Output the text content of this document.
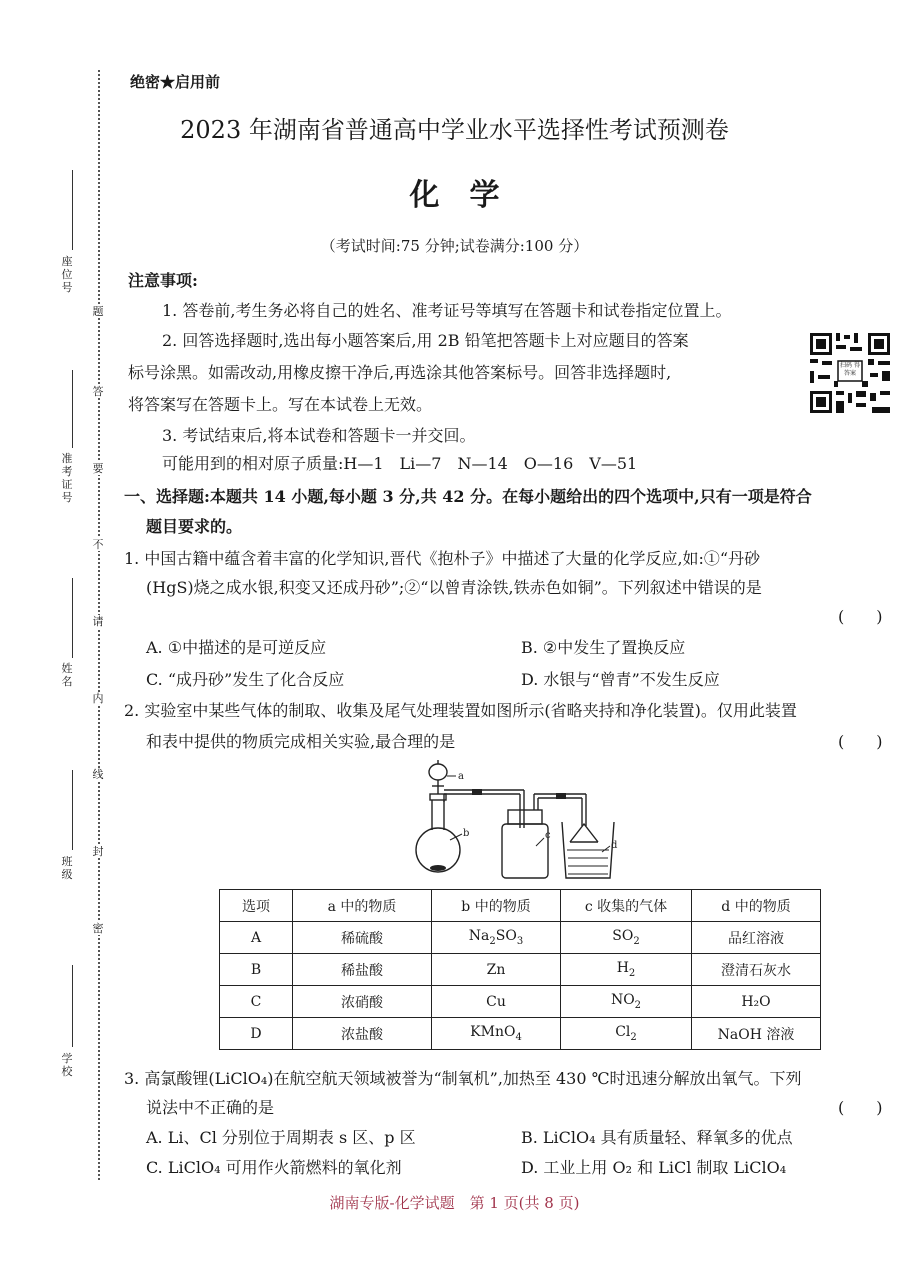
座位号
准考证号
姓名
班级
学校
题
答
要
不
请
内
线
封
密
绝密★启用前
2023 年湖南省普通高中学业水平选择性考试预测卷
化　学
（考试时间:75 分钟;试卷满分:100 分）
注意事项:
1. 答卷前,考生务必将自己的姓名、准考证号等填写在答题卡和试卷指定位置上。
2. 回答选择题时,选出每小题答案后,用 2B 铅笔把答题卡上对应题目的答案
标号涂黑。如需改动,用橡皮擦干净后,再选涂其他答案标号。回答非选择题时,
将答案写在答题卡上。写在本试卷上无效。
3. 考试结束后,将本试卷和答题卡一并交回。
可能用到的相对原子质量:H—1　Li—7　N—14　O—16　V—51
扫码 得答案
一、选择题:本题共 14 小题,每小题 3 分,共 42 分。在每小题给出的四个选项中,只有一项是符合
题目要求的。
1. 中国古籍中蕴含着丰富的化学知识,晋代《抱朴子》中描述了大量的化学反应,如:①“丹砂
(HgS)烧之成水银,积变又还成丹砂”;②“以曾青涂铁,铁赤色如铜”。下列叙述中错误的是
(　　)
A. ①中描述的是可逆反应	B. ②中发生了置换反应
C. “成丹砂”发生了化合反应	D. 水银与“曾青”不发生反应
2. 实验室中某些气体的制取、收集及尾气处理装置如图所示(省略夹持和净化装置)。仅用此装置
和表中提供的物质完成相关实验,最合理的是	(　　)
a
b	c
d
选项	a 中的物质	b 中的物质	c 收集的气体	d 中的物质
A	稀硫酸	$Na_2SO_3$	$SO_2$	品红溶液
B	稀盐酸	Zn	$H_2$	澄清石灰水
C	浓硝酸	Cu	$NO_2$	H₂O
D	浓盐酸	KMnO$_4$	$Cl_2$	NaOH 溶液
3. 高氯酸锂(LiClO₄)在航空航天领域被誉为“制氧机”,加热至 430 ℃时迅速分解放出氧气。下列
说法中不正确的是	(　　)
A. Li、Cl 分别位于周期表 s 区、p 区	B. LiClO₄ 具有质量轻、释氧多的优点
C. LiClO₄ 可用作火箭燃料的氧化剂	D. 工业上用 O₂ 和 LiCl 制取 LiClO₄
湖南专版-化学试题　第 1 页(共 8 页)
